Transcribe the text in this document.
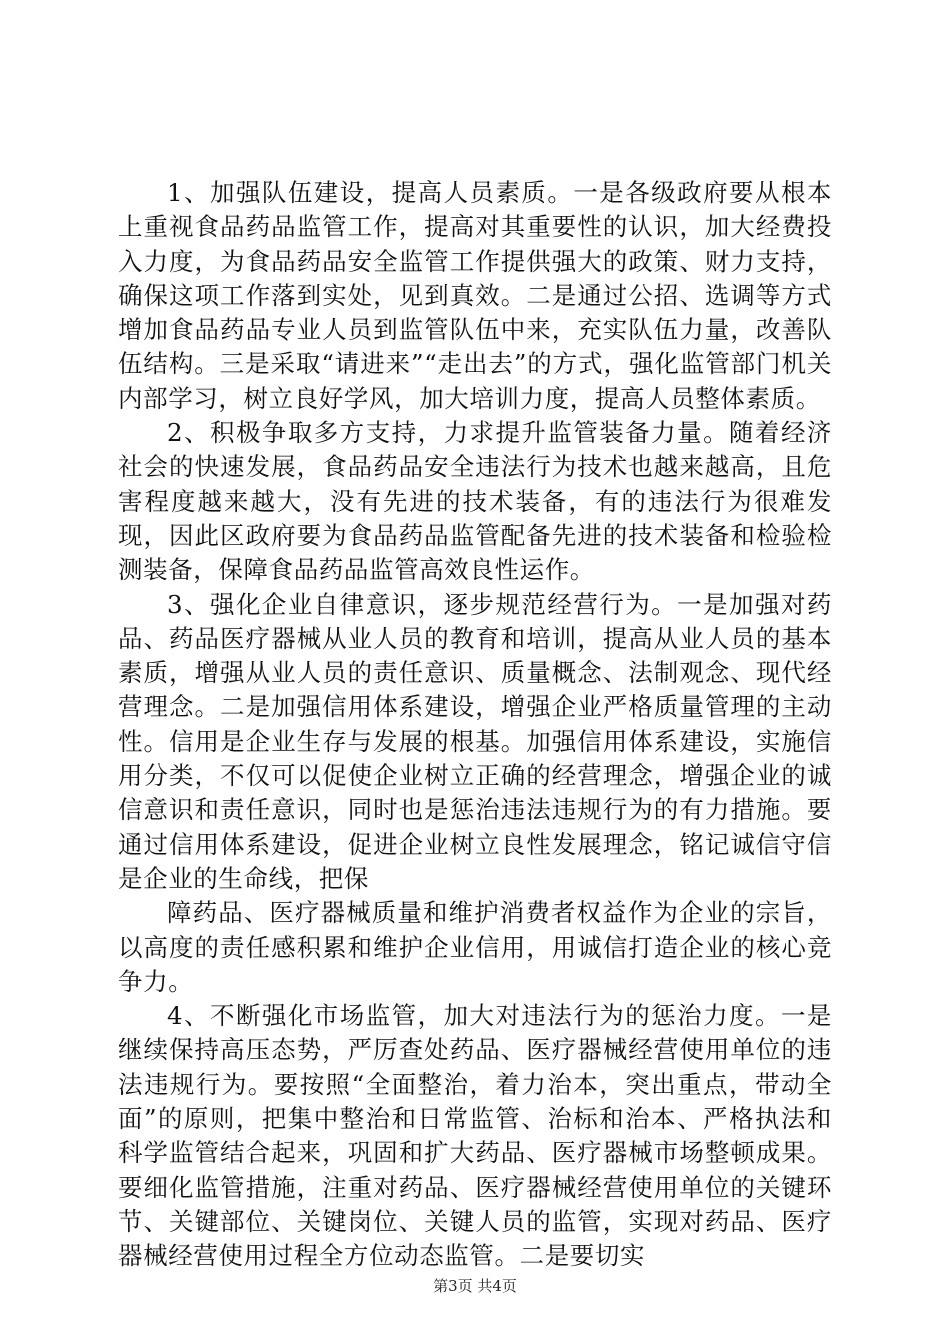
1、加强队伍建设，提高人员素质。一是各级政府要从根本上重视食品药品监管工作，提高对其重要性的认识，加大经费投入力度，为食品药品安全监管工作提供强大的政策、财力支持，确保这项工作落到实处，见到真效。二是通过公招、选调等方式增加食品药品专业人员到监管队伍中来，充实队伍力量，改善队伍结构。三是采取“请进来”“走出去”的方式，强化监管部门机关内部学习，树立良好学风，加大培训力度，提高人员整体素质。

2、积极争取多方支持，力求提升监管装备力量。随着经济社会的快速发展，食品药品安全违法行为技术也越来越高，且危害程度越来越大，没有先进的技术装备，有的违法行为很难发现，因此区政府要为食品药品监管配备先进的技术装备和检验检测装备，保障食品药品监管高效良性运作。

3、强化企业自律意识，逐步规范经营行为。一是加强对药品、药品医疗器械从业人员的教育和培训，提高从业人员的基本素质，增强从业人员的责任意识、质量概念、法制观念、现代经营理念。二是加强信用体系建设，增强企业严格质量管理的主动性。信用是企业生存与发展的根基。加强信用体系建设，实施信用分类，不仅可以促使企业树立正确的经营理念，增强企业的诚信意识和责任意识，同时也是惩治违法违规行为的有力措施。要通过信用体系建设，促进企业树立良性发展理念，铭记诚信守信是企业的生命线，把保

障药品、医疗器械质量和维护消费者权益作为企业的宗旨，以高度的责任感积累和维护企业信用，用诚信打造企业的核心竞争力。

4、不断强化市场监管，加大对违法行为的惩治力度。一是继续保持高压态势，严厉查处药品、医疗器械经营使用单位的违法违规行为。要按照“全面整治，着力治本，突出重点，带动全面”的原则，把集中整治和日常监管、治标和治本、严格执法和科学监管结合起来，巩固和扩大药品、医疗器械市场整顿成果。要细化监管措施，注重对药品、医疗器械经营使用单位的关键环节、关键部位、关键岗位、关键人员的监管，实现对药品、医疗器械经营使用过程全方位动态监管。二是要切实

第3页 共4页
